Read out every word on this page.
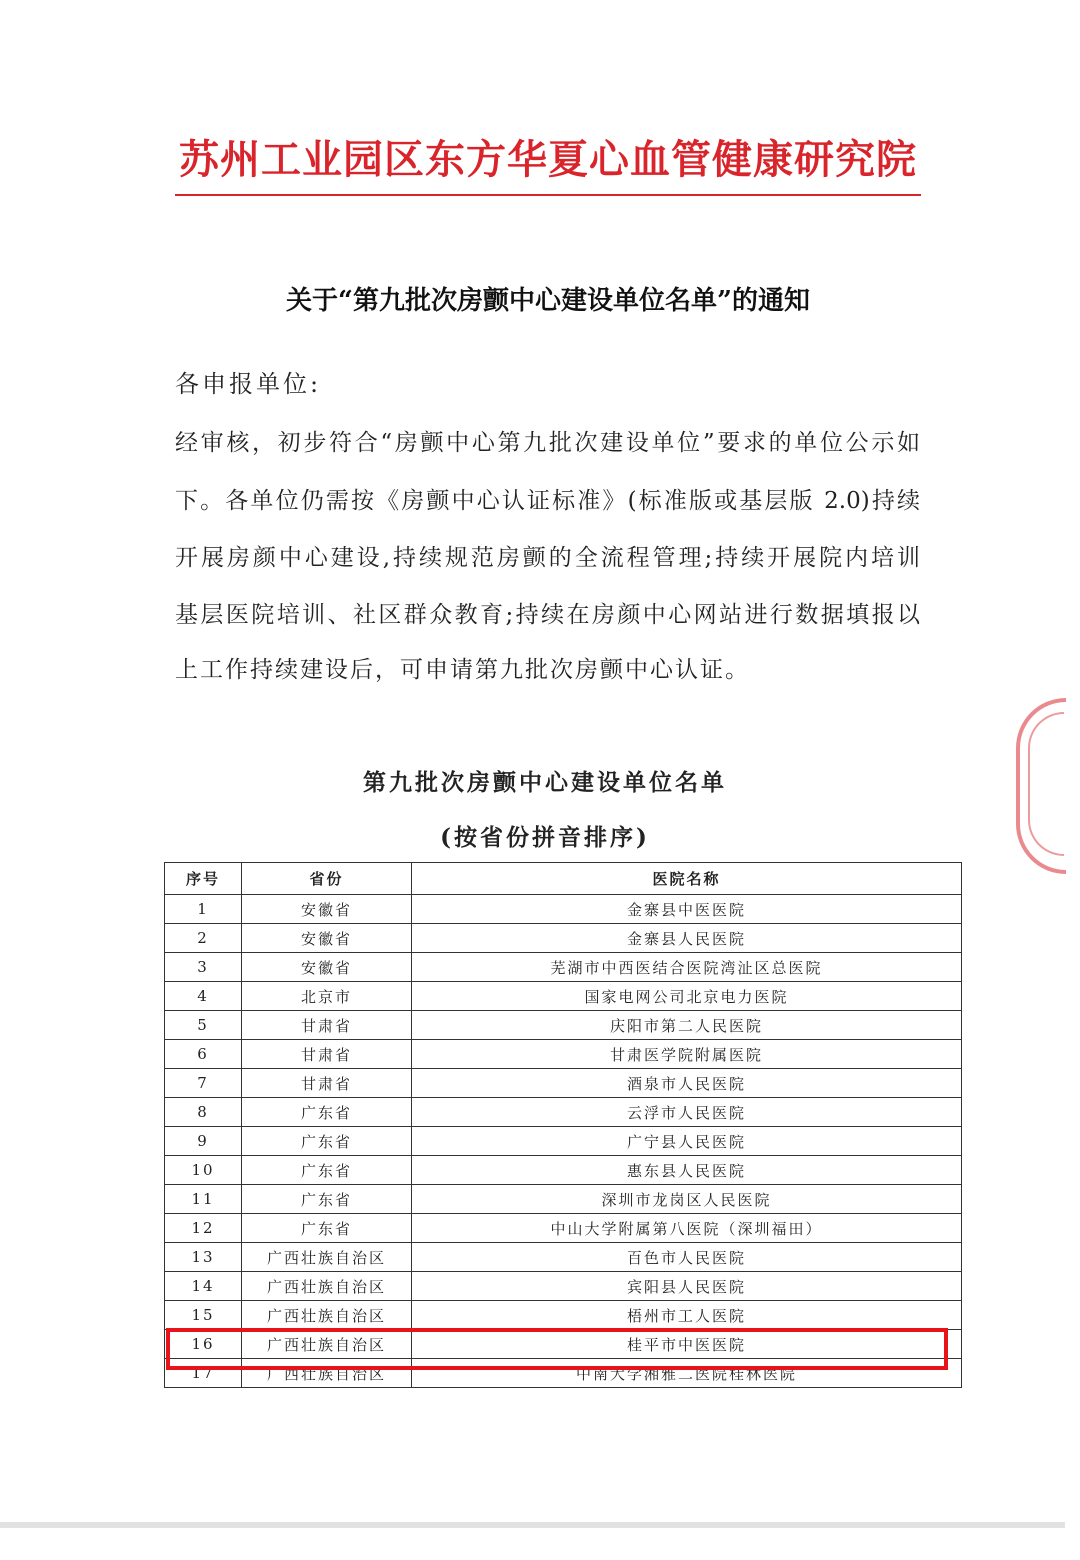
苏州工业园区东方华夏心血管健康研究院
关于“第九批次房颤中心建设单位名单”的通知
各申报单位:
经审核，初步符合“房颤中心第九批次建设单位”要求的单位公示如
下。各单位仍需按《房颤中心认证标准》(标准版或基层版 2.0)持续
开展房颜中心建设,持续规范房颤的全流程管理;持续开展院内培训
基层医院培训、社区群众教育;持续在房颜中心网站进行数据填报以
上工作持续建设后，可申请第九批次房颤中心认证。
第九批次房颤中心建设单位名单
(按省份拼音排序)
序号	省份	医院名称
1	安徽省	金寨县中医医院
2	安徽省	金寨县人民医院
3	安徽省	芜湖市中西医结合医院湾沚区总医院
4	北京市	国家电网公司北京电力医院
5	甘肃省	庆阳市第二人民医院
6	甘肃省	甘肃医学院附属医院
7	甘肃省	酒泉市人民医院
8	广东省	云浮市人民医院
9	广东省	广宁县人民医院
10	广东省	惠东县人民医院
11	广东省	深圳市龙岗区人民医院
12	广东省	中山大学附属第八医院（深圳福田）
13	广西壮族自治区	百色市人民医院
14	广西壮族自治区	宾阳县人民医院
15	广西壮族自治区	梧州市工人医院
16	广西壮族自治区	桂平市中医医院
17	广西壮族自治区	中南大学湘雅二医院桂林医院
